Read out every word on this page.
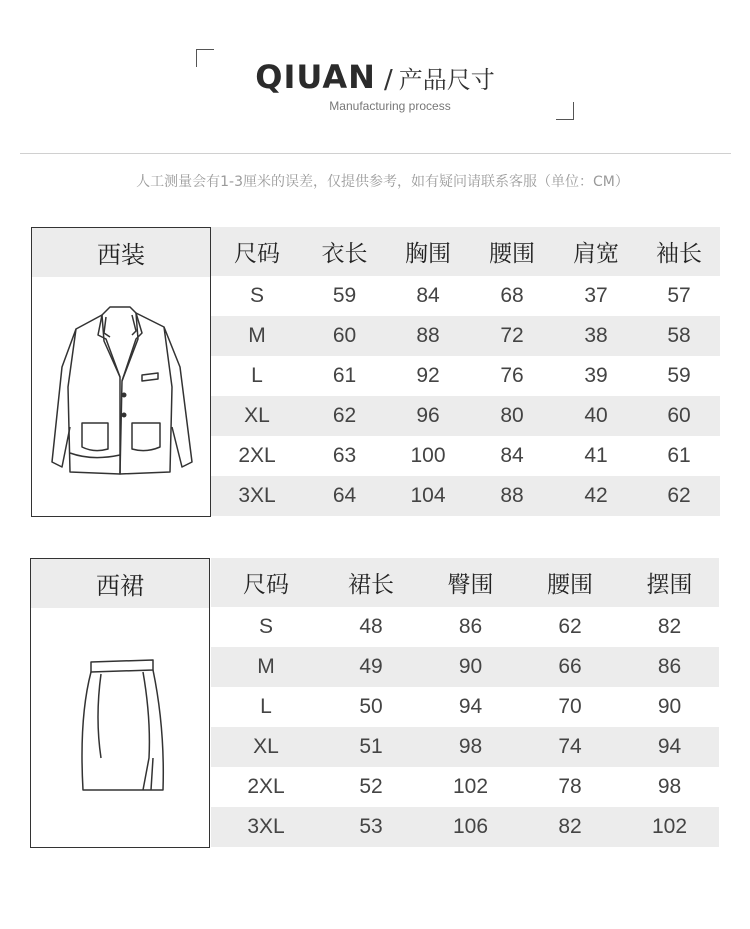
QIUAN / 产品尺寸
Manufacturing process
人工测量会有1-3厘米的误差，仅提供参考，如有疑问请联系客服（单位：CM）
西装	尺码	衣长	胸围	腰围	肩宽	袖长
S	59	84	68	37	57
M	60	88	72	38	58
L	61	92	76	39	59
XL	62	96	80	40	60
2XL	63	100	84	41	61
3XL	64	104	88	42	62
西裙	尺码	裙长	臀围	腰围	摆围
S	48	86	62	82
M	49	90	66	86
L	50	94	70	90
XL	51	98	74	94
2XL	52	102	78	98
3XL	53	106	82	102
